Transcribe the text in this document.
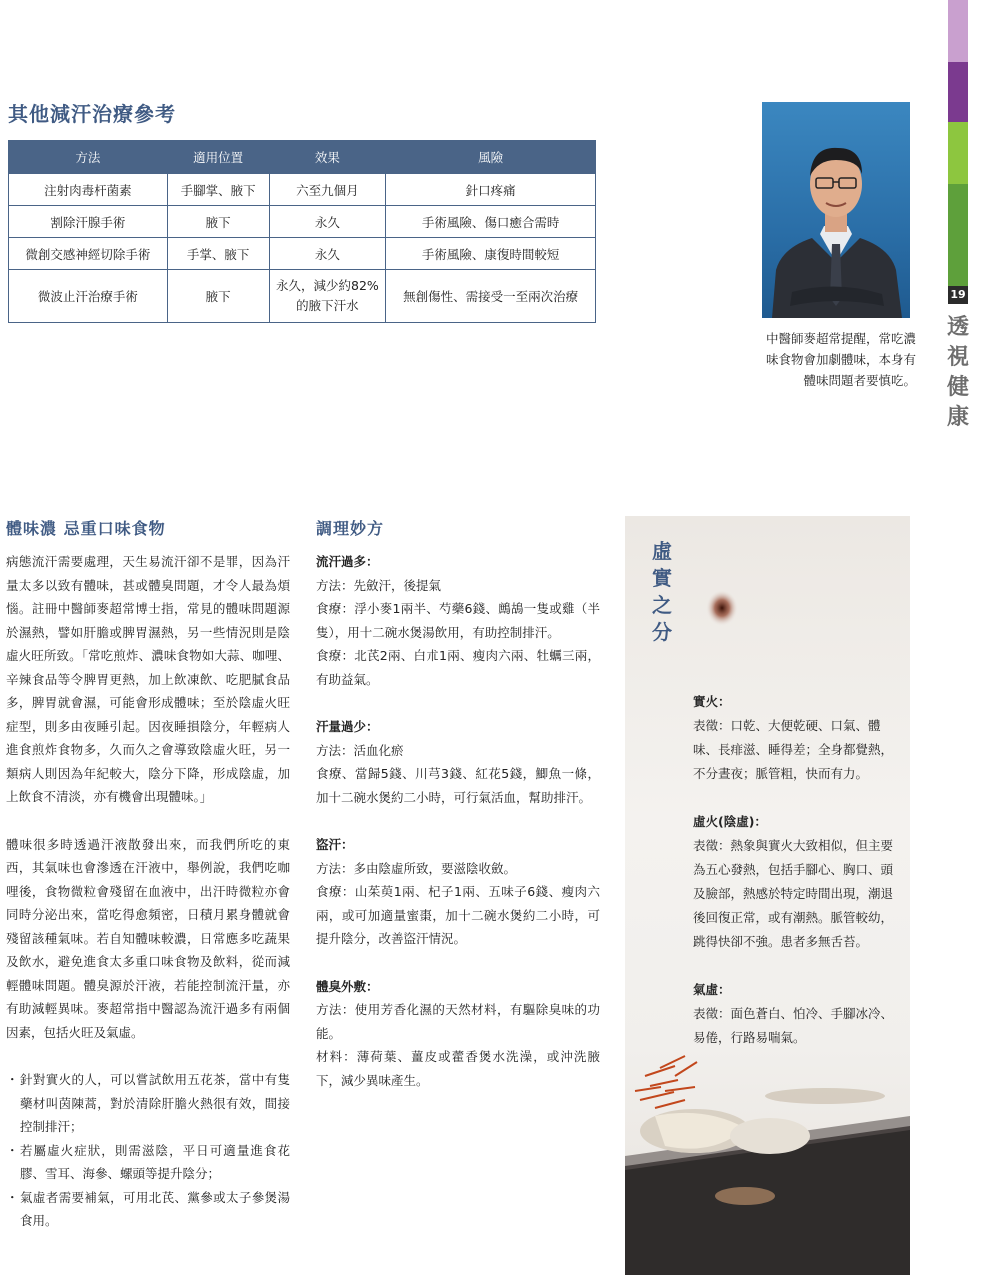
19
透
視
健
康
其他減汗治療參考
方法	適用位置	效果	風險
注射肉毒杆菌素	手腳掌、腋下	六至九個月	針口疼痛
割除汗腺手術	腋下	永久	手術風險、傷口癒合需時
微創交感神經切除手術	手掌、腋下	永久	手術風險、康復時間較短
微波止汗治療手術	腋下	永久，減少約82%的腋下汗水	無創傷性、需接受一至兩次治療
中醫師麥超常提醒，常吃濃味食物會加劇體味，本身有體味問題者要慎吃。
體味濃 忌重口味食物

病態流汗需要處理，天生易流汗卻不是罪，因為汗量太多以致有體味，甚或體臭問題，才令人最為煩惱。註冊中醫師麥超常博士指，常見的體味問題源於濕熱，譬如肝膽或脾胃濕熱，另一些情況則是陰虛火旺所致。「常吃煎炸、濃味食物如大蒜、咖哩、辛辣食品等令脾胃更熱，加上飲凍飲、吃肥膩食品多，脾胃就會濕，可能會形成體味；至於陰虛火旺症型，則多由夜睡引起。因夜睡損陰分，年輕病人進食煎炸食物多，久而久之會導致陰虛火旺，另一類病人則因為年紀較大，陰分下降，形成陰虛，加上飲食不清淡，亦有機會出現體味。」

體味很多時透過汗液散發出來，而我們所吃的東西，其氣味也會滲透在汗液中，舉例說，我們吃咖哩後，食物微粒會殘留在血液中，出汗時微粒亦會同時分泌出來，當吃得愈頻密，日積月累身體就會殘留該種氣味。若自知體味較濃，日常應多吃蔬果及飲水，避免進食太多重口味食物及飲料，從而減輕體味問題。體臭源於汗液，若能控制流汗量，亦有助減輕異味。麥超常指中醫認為流汗過多有兩個因素，包括火旺及氣虛。

・ 針對實火的人，可以嘗試飲用五花茶，當中有隻藥材叫茵陳蒿，對於清除肝膽火熱很有效，間接控制排汗；

・ 若屬虛火症狀，則需滋陰，平日可適量進食花膠、雪耳、海參、螺頭等提升陰分；

・ 氣虛者需要補氣，可用北芪、黨參或太子參煲湯食用。

調理妙方

流汗過多：

方法：先斂汗，後提氣

食療：浮小麥1兩半、芍藥6錢、鷓鴣一隻或雞（半隻），用十二碗水煲湯飲用，有助控制排汗。

食療：北芪2兩、白朮1兩、瘦肉六兩、牡蠣三兩，有助益氣。

汗量過少：

方法：活血化瘀

食療、當歸5錢、川芎3錢、紅花5錢，鯽魚一條，加十二碗水煲約二小時，可行氣活血，幫助排汗。

盜汗：

方法：多由陰虛所致，要滋陰收斂。

食療：山茱萸1兩、杞子1兩、五味子6錢、瘦肉六兩，或可加適量蜜棗，加十二碗水煲約二小時，可提升陰分，改善盜汗情況。

體臭外敷：

方法：使用芳香化濕的天然材料，有驅除臭味的功能。

材料：薄荷葉、薑皮或藿香煲水洗澡，或沖洗腋下，減少異味產生。

虛
實
之
分

實火：

表徵：口乾、大便乾硬、口氣、體味、長痱滋、睡得差；全身都覺熱，不分晝夜；脈管粗，快而有力。

虛火(陰虛)：

表徵：熱象與實火大致相似，但主要為五心發熱，包括手腳心、胸口、頭及臉部，熱感於特定時間出現，潮退後回復正常，或有潮熱。脈管較幼，跳得快卻不強。患者多無舌苔。

氣虛：

表徵：面色蒼白、怕冷、手腳冰冷、易倦，行路易喘氣。
